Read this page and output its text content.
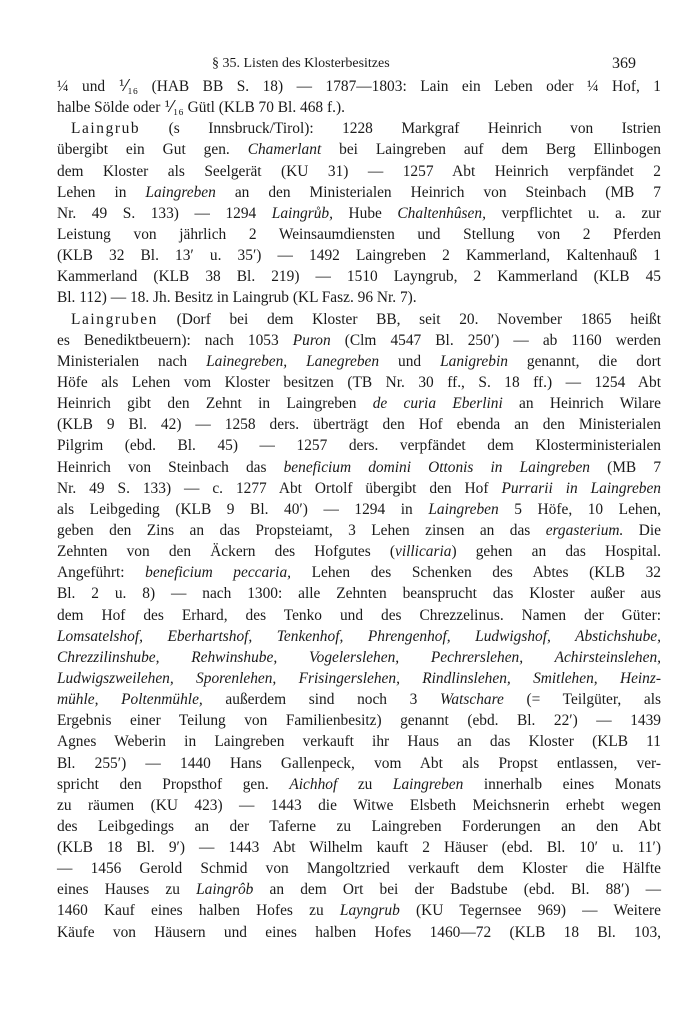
§ 35. Listen des Klosterbesitzes	369
¼ und ⅟₁₆ (HAB BB S. 18) — 1787—1803: Lain ein Leben oder ¼ Hof, 1
halbe Sölde oder ⅟₁₆ Gütl (KLB 70 Bl. 468 f.).
Laingrub (s Innsbruck/Tirol): 1228 Markgraf Heinrich von Istrien
übergibt ein Gut gen. Chamerlant bei Laingreben auf dem Berg Ellinbogen
dem Kloster als Seelgerät (KU 31) — 1257 Abt Heinrich verpfändet 2
Lehen in Laingreben an den Ministerialen Heinrich von Steinbach (MB 7
Nr. 49 S. 133) — 1294 Laingrůb, Hube Chaltenhûsen, verpflichtet u. a. zur
Leistung von jährlich 2 Weinsaumdiensten und Stellung von 2 Pferden
(KLB 32 Bl. 13′ u. 35′) — 1492 Laingreben 2 Kammerland, Kaltenhauß 1
Kammerland (KLB 38 Bl. 219) — 1510 Layngrub, 2 Kammerland (KLB 45
Bl. 112) — 18. Jh. Besitz in Laingrub (KL Fasz. 96 Nr. 7).
Laingruben (Dorf bei dem Kloster BB, seit 20. November 1865 heißt
es Benediktbeuern): nach 1053 Puron (Clm 4547 Bl. 250′) — ab 1160 werden
Ministerialen nach Lainegreben, Lanegreben und Lanigrebin genannt, die dort
Höfe als Lehen vom Kloster besitzen (TB Nr. 30 ff., S. 18 ff.) — 1254 Abt
Heinrich gibt den Zehnt in Laingreben de curia Eberlini an Heinrich Wilare
(KLB 9 Bl. 42) — 1258 ders. überträgt den Hof ebenda an den Ministerialen
Pilgrim (ebd. Bl. 45) — 1257 ders. verpfändet dem Klosterministerialen
Heinrich von Steinbach das beneficium domini Ottonis in Laingreben (MB 7
Nr. 49 S. 133) — c. 1277 Abt Ortolf übergibt den Hof Purrarii in Laingreben
als Leibgeding (KLB 9 Bl. 40′) — 1294 in Laingreben 5 Höfe, 10 Lehen,
geben den Zins an das Propsteiamt, 3 Lehen zinsen an das ergasterium. Die
Zehnten von den Äckern des Hofgutes (villicaria) gehen an das Hospital.
Angeführt: beneficium peccaria, Lehen des Schenken des Abtes (KLB 32
Bl. 2 u. 8) — nach 1300: alle Zehnten beansprucht das Kloster außer aus
dem Hof des Erhard, des Tenko und des Chrezzelinus. Namen der Güter:
Lomsatelshof, Eberhartshof, Tenkenhof, Phrengenhof, Ludwigshof, Abstichshube,
Chrezzilinshube, Rehwinshube, Vogelerslehen, Pechrerslehen, Achirsteinslehen,
Ludwigszweilehen, Sporenlehen, Frisingerslehen, Rindlinslehen, Smitlehen, Heinz-
mühle, Poltenmühle, außerdem sind noch 3 Watschare (= Teilgüter, als
Ergebnis einer Teilung von Familienbesitz) genannt (ebd. Bl. 22′) — 1439
Agnes Weberin in Laingreben verkauft ihr Haus an das Kloster (KLB 11
Bl. 255′) — 1440 Hans Gallenpeck, vom Abt als Propst entlassen, ver-
spricht den Propsthof gen. Aichhof zu Laingreben innerhalb eines Monats
zu räumen (KU 423) — 1443 die Witwe Elsbeth Meichsnerin erhebt wegen
des Leibgedings an der Taferne zu Laingreben Forderungen an den Abt
(KLB 18 Bl. 9′) — 1443 Abt Wilhelm kauft 2 Häuser (ebd. Bl. 10′ u. 11′)
— 1456 Gerold Schmid von Mangoltzried verkauft dem Kloster die Hälfte
eines Hauses zu Laingrôb an dem Ort bei der Badstube (ebd. Bl. 88′) —
1460 Kauf eines halben Hofes zu Layngrub (KU Tegernsee 969) — Weitere
Käufe von Häusern und eines halben Hofes 1460—72 (KLB 18 Bl. 103,
